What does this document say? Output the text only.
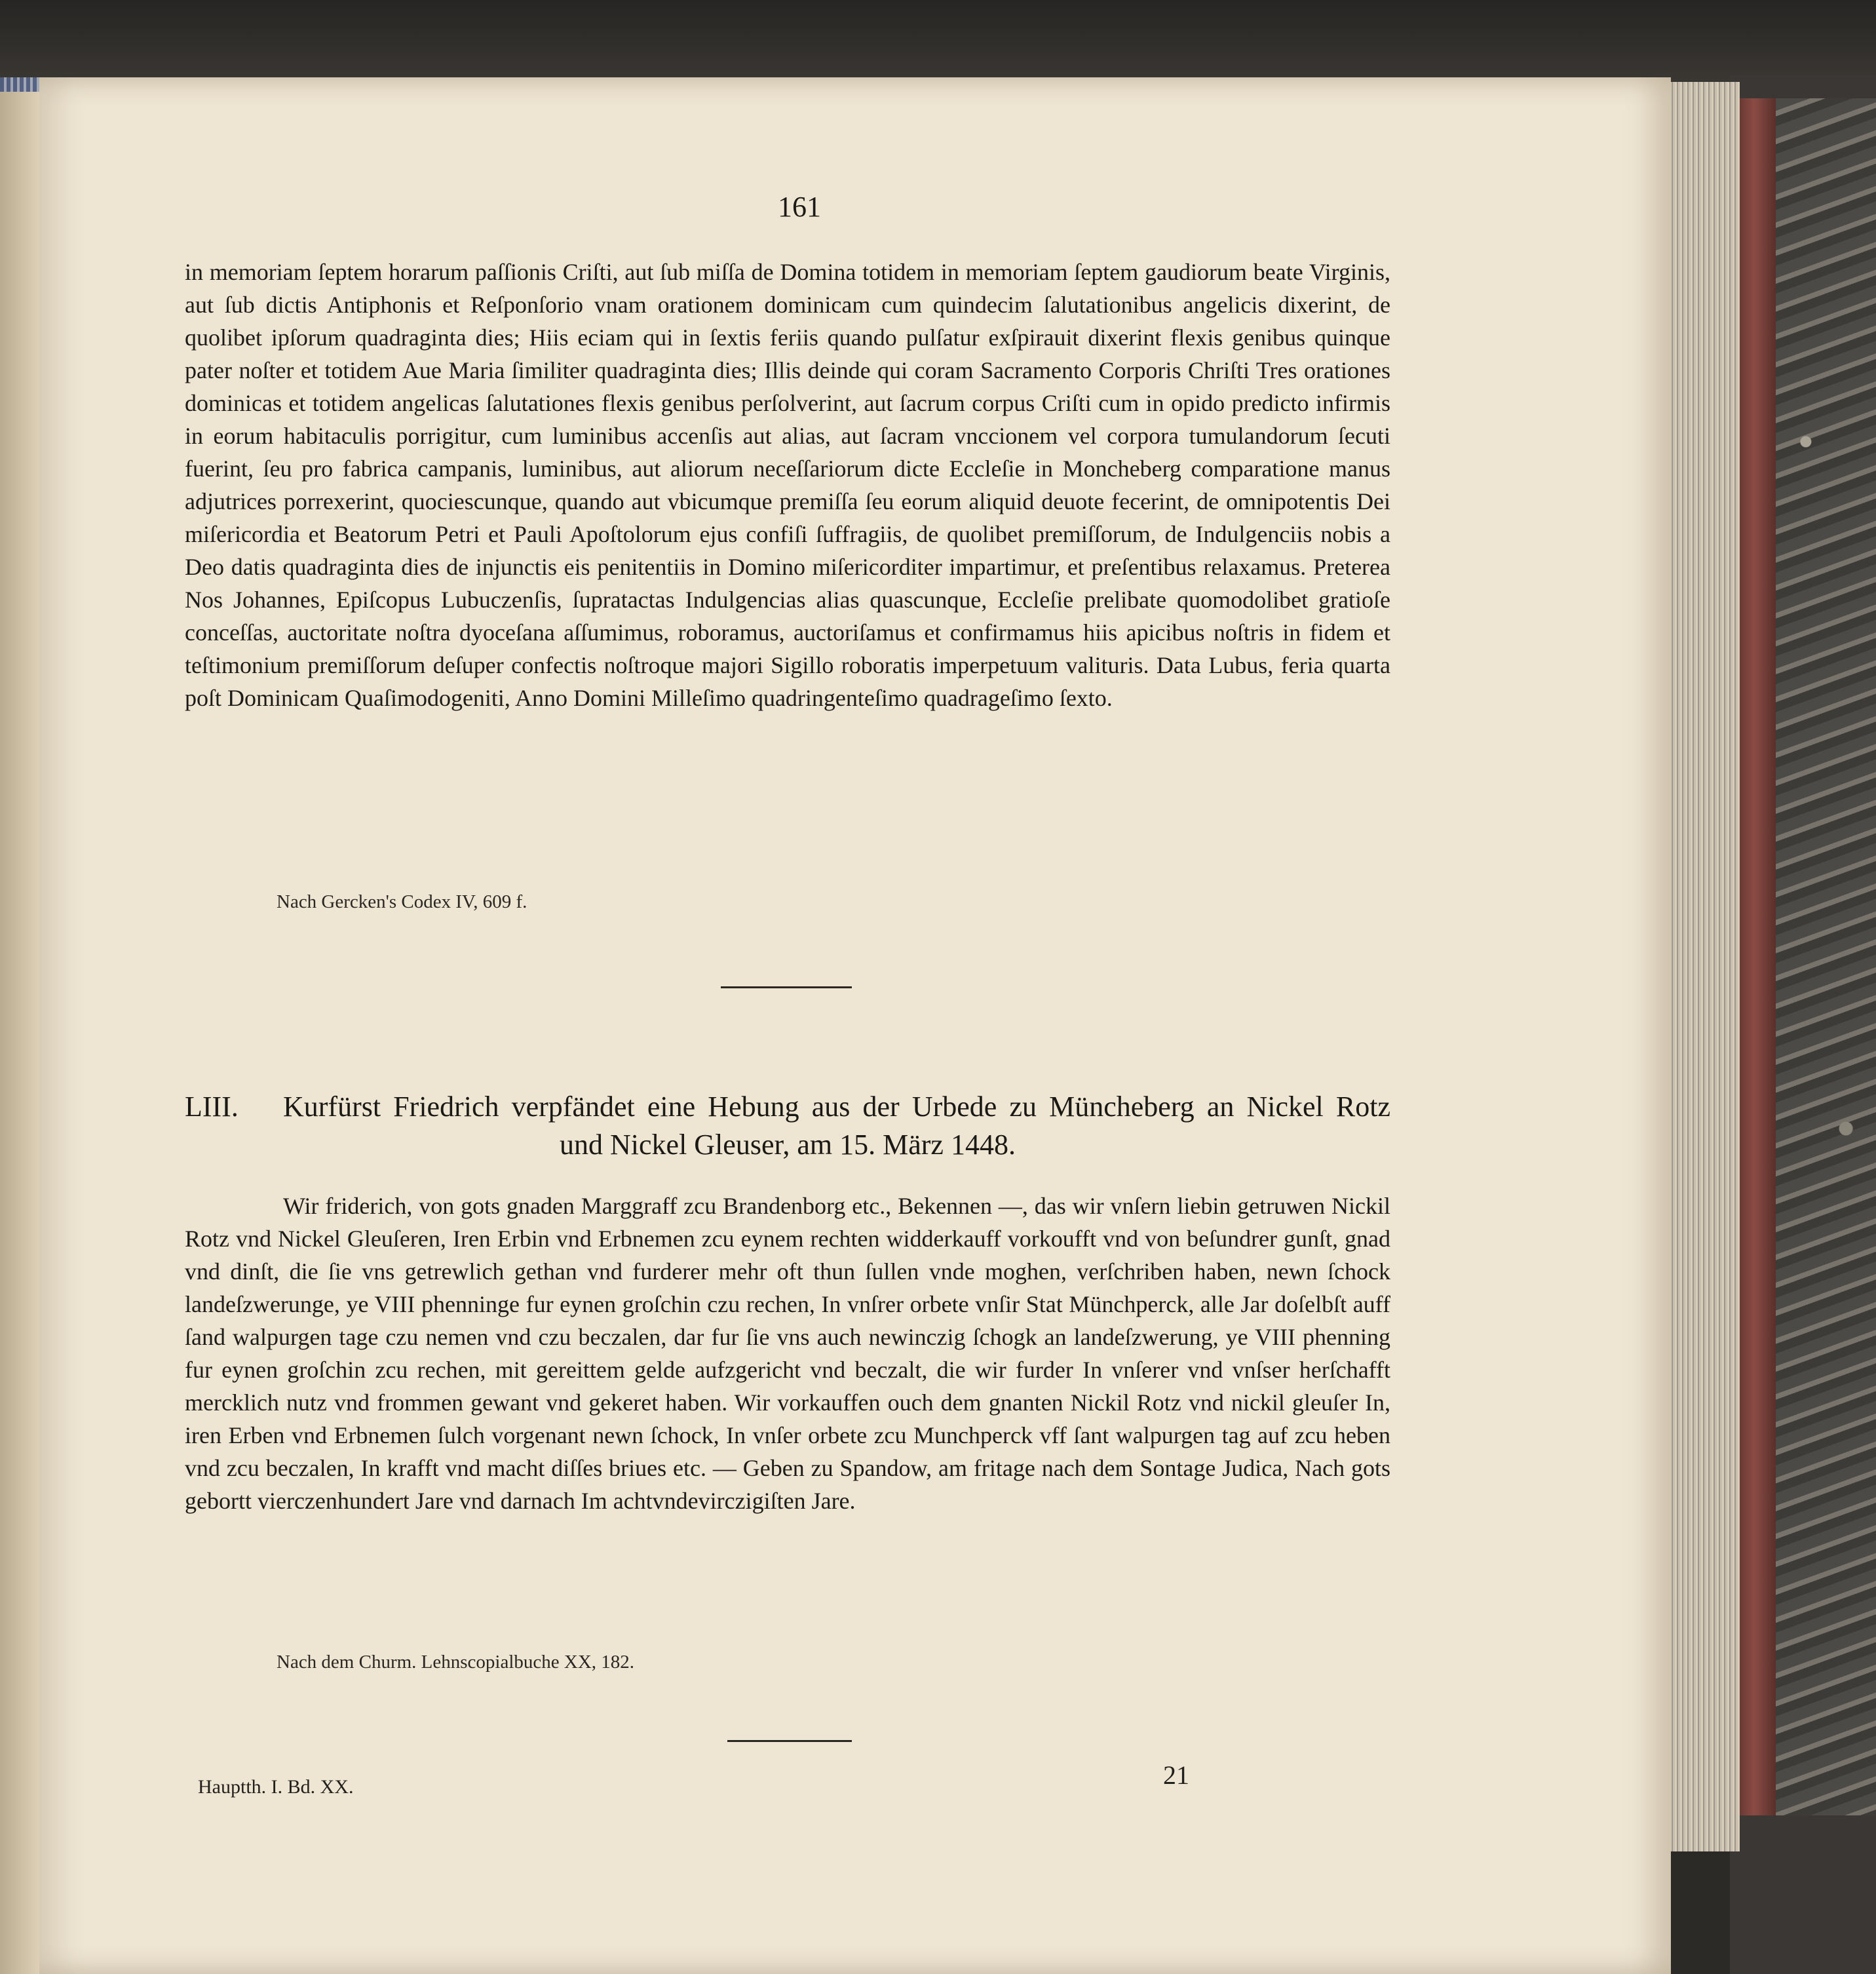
161
in memoriam ſeptem horarum paſſionis Criſti, aut ſub miſſa de Domina totidem in memoriam ſeptem gaudiorum beate Virginis, aut ſub dictis Antiphonis et Reſponſorio vnam orationem dominicam cum quindecim ſalutationibus angelicis dixerint, de quolibet ipſorum quadraginta dies; Hiis eciam qui in ſextis feriis quando pulſatur exſpirauit dixerint flexis genibus quinque pater noſter et totidem Aue Maria ſimiliter quadraginta dies; Illis deinde qui coram Sacramento Corporis Chriſti Tres orationes dominicas et totidem angelicas ſalutationes flexis genibus perſolverint, aut ſacrum corpus Criſti cum in opido predicto infirmis in eorum habitaculis porrigitur, cum luminibus accenſis aut alias, aut ſacram vnccionem vel corpora tumulandorum ſecuti fuerint, ſeu pro fabrica campanis, luminibus, aut aliorum neceſſariorum dicte Eccleſie in Moncheberg comparatione manus adjutrices porrexerint, quociescunque, quando aut vbicumque premiſſa ſeu eorum aliquid deuote fecerint, de omnipotentis Dei miſericordia et Beatorum Petri et Pauli Apoſtolorum ejus confiſi ſuffragiis, de quolibet premiſſorum, de Indulgenciis nobis a Deo datis quadraginta dies de injunctis eis penitentiis in Domino miſericorditer impartimur, et preſentibus relaxamus. Preterea Nos Johannes, Epiſcopus Lubuczenſis, ſupratactas Indulgencias alias quascunque, Eccleſie prelibate quomodolibet gratioſe conceſſas, auctoritate noſtra dyoceſana aſſumimus, roboramus, auctoriſamus et confirmamus hiis apicibus noſtris in fidem et teſtimonium premiſſorum deſuper confectis noſtroque majori Sigillo roboratis imperpetuum valituris. Data Lubus, feria quarta poſt Dominicam Quaſimodogeniti, Anno Domini Milleſimo quadringenteſimo quadrageſimo ſexto.
Nach Gercken's Codex IV, 609 f.
LIII. Kurfürst Friedrich verpfändet eine Hebung aus der Urbede zu Müncheberg an Nickel Rotz
und Nickel Gleuser, am 15. März 1448.
Wir friderich, von gots gnaden Marggraff zcu Brandenborg etc., Bekennen —, das wir vnſern liebin getruwen Nickil Rotz vnd Nickel Gleuſeren, Iren Erbin vnd Erbnemen zcu eynem rechten widderkauff vorkoufft vnd von beſundrer gunſt, gnad vnd dinſt, die ſie vns getrewlich gethan vnd furderer mehr oft thun ſullen vnde moghen, verſchriben haben, newn ſchock landeſzwerunge, ye VIII phenninge fur eynen groſchin czu rechen, In vnſrer orbete vnſir Stat Münchperck, alle Jar doſelbſt auff ſand walpurgen tage czu nemen vnd czu beczalen, dar fur ſie vns auch newinczig ſchogk an landeſzwerung, ye VIII phenning fur eynen groſchin zcu rechen, mit gereittem gelde aufzgericht vnd beczalt, die wir furder In vnſerer vnd vnſser herſchafft mercklich nutz vnd frommen gewant vnd gekeret haben. Wir vorkauffen ouch dem gnanten Nickil Rotz vnd nickil gleuſer In, iren Erben vnd Erbnemen ſulch vorgenant newn ſchock, In vnſer orbete zcu Munchperck vff ſant walpurgen tag auf zcu heben vnd zcu beczalen, In krafft vnd macht diſſes briues etc. — Geben zu Spandow, am fritage nach dem Sontage Judica, Nach gots gebortt vierczenhundert Jare vnd darnach Im achtvndevirczigiſten Jare.
Nach dem Churm. Lehnscopialbuche XX, 182.
Hauptth. I. Bd. XX.	21
